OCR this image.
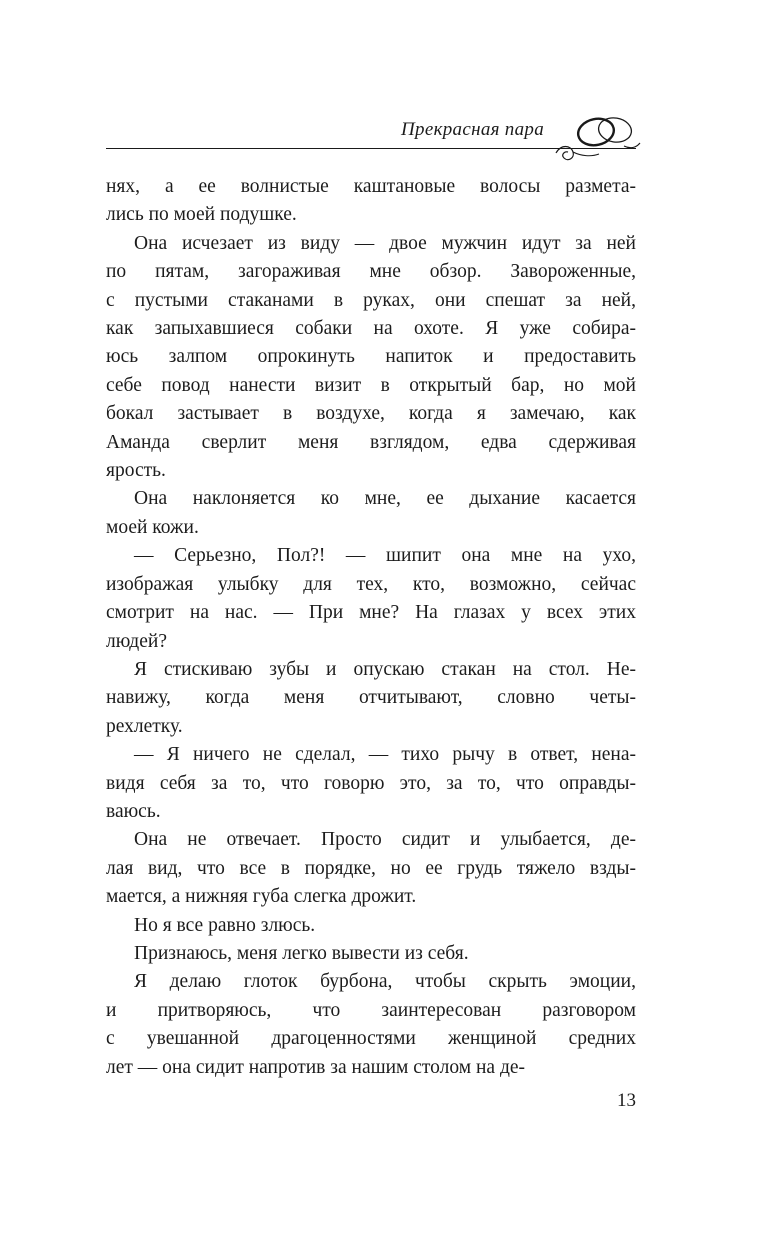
Прекрасная пара
нях, а ее волнистые каштановые волосы размета-
лись по моей подушке.
Она исчезает из виду — двое мужчин идут за ней
по пятам, загораживая мне обзор. Завороженные,
с пустыми стаканами в руках, они спешат за ней,
как запыхавшиеся собаки на охоте. Я уже собира-
юсь залпом опрокинуть напиток и предоставить
себе повод нанести визит в открытый бар, но мой
бокал застывает в воздухе, когда я замечаю, как
Аманда сверлит меня взглядом, едва сдерживая
ярость.
Она наклоняется ко мне, ее дыхание касается
моей кожи.
— Серьезно, Пол?! — шипит она мне на ухо,
изображая улыбку для тех, кто, возможно, сейчас
смотрит на нас. — При мне? На глазах у всех этих
людей?
Я стискиваю зубы и опускаю стакан на стол. Не-
навижу, когда меня отчитывают, словно четы-
рехлетку.
— Я ничего не сделал, — тихо рычу в ответ, нена-
видя себя за то, что говорю это, за то, что оправды-
ваюсь.
Она не отвечает. Просто сидит и улыбается, де-
лая вид, что все в порядке, но ее грудь тяжело взды-
мается, а нижняя губа слегка дрожит.
Но я все равно злюсь.
Признаюсь, меня легко вывести из себя.
Я делаю глоток бурбона, чтобы скрыть эмоции,
и притворяюсь, что заинтересован разговором
с увешанной драгоценностями женщиной средних
лет — она сидит напротив за нашим столом на де-
13
